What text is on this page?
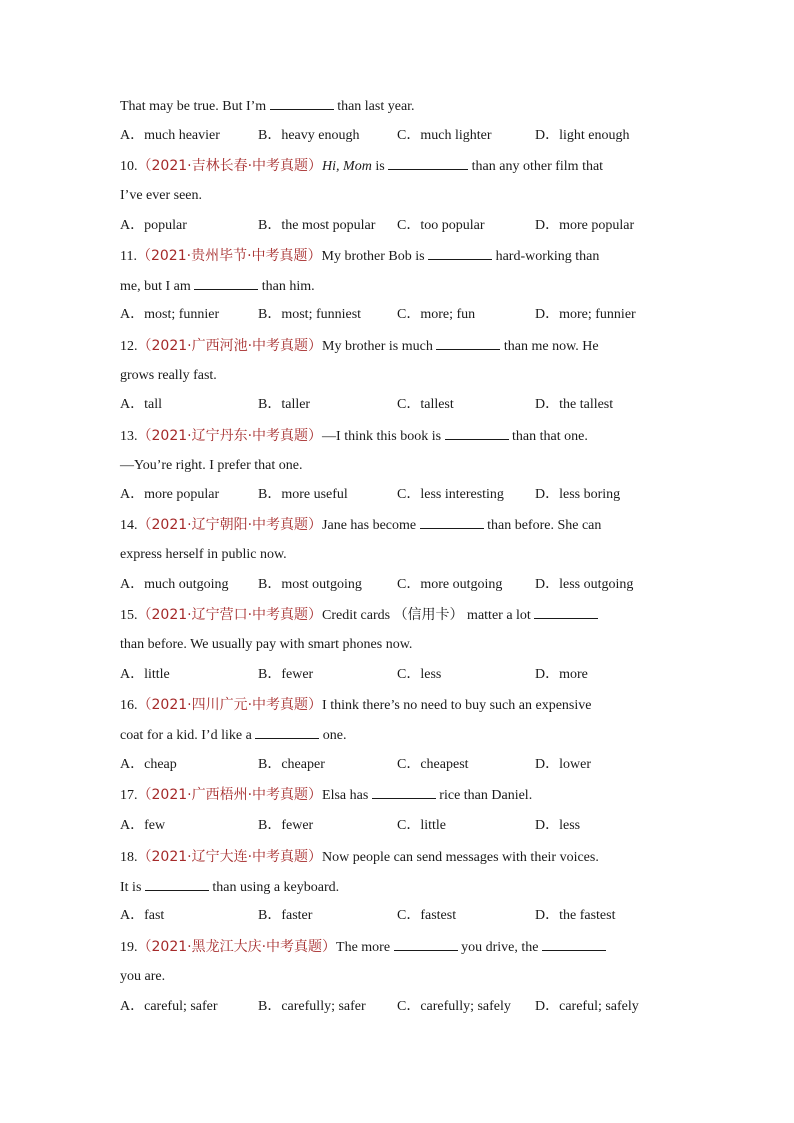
That may be true. But I’m	than last year.
A．much heavier	B．heavy enough	C．much lighter	D．light enough
10.（2021·吉林长春·中考真题）Hi, Mom is	than any other film that
I’ve ever seen.
A．popular	B．the most popular C．too popular	D．more popular
11.（2021·贵州毕节·中考真题）My brother Bob is	hard-working than
me, but I am	than him.
A．most; funnier	B．most; funniest	C．more; fun	D．more; funnier
12.（2021·广西河池·中考真题）My brother is much	than me now. He
grows really fast.
A．tall	B．taller	C．tallest	D．the tallest
13.（2021·辽宁丹东·中考真题）—I think this book is	than that one.
—You’re right. I prefer that one.
A．more popular	B．more useful	C．less interesting D．less boring
14.（2021·辽宁朝阳·中考真题）Jane has become	than before. She can
express herself in public now.
A．much outgoing B．most outgoing	C．more outgoing D．less outgoing
15.（2021·辽宁营口·中考真题）Credit cards （信用卡） matter a lot
than before. We usually pay with smart phones now.
A．little	B．fewer	C．less	D．more
16.（2021·四川广元·中考真题）I think there’s no need to buy such an expensive
coat for a kid. I’d like a	one.
A．cheap	B．cheaper	C．cheapest	D．lower
17.（2021·广西梧州·中考真题）Elsa has	rice than Daniel.
A．few	B．fewer	C．little	D．less
18.（2021·辽宁大连·中考真题）Now people can send messages with their voices.
It is	than using a keyboard.
A．fast	B．faster	C．fastest	D．the fastest
19.（2021·黑龙江大庆·中考真题）The more	you drive, the
you are.
A．careful; safer	B．carefully; safer C．carefully; safely D．careful; safely
